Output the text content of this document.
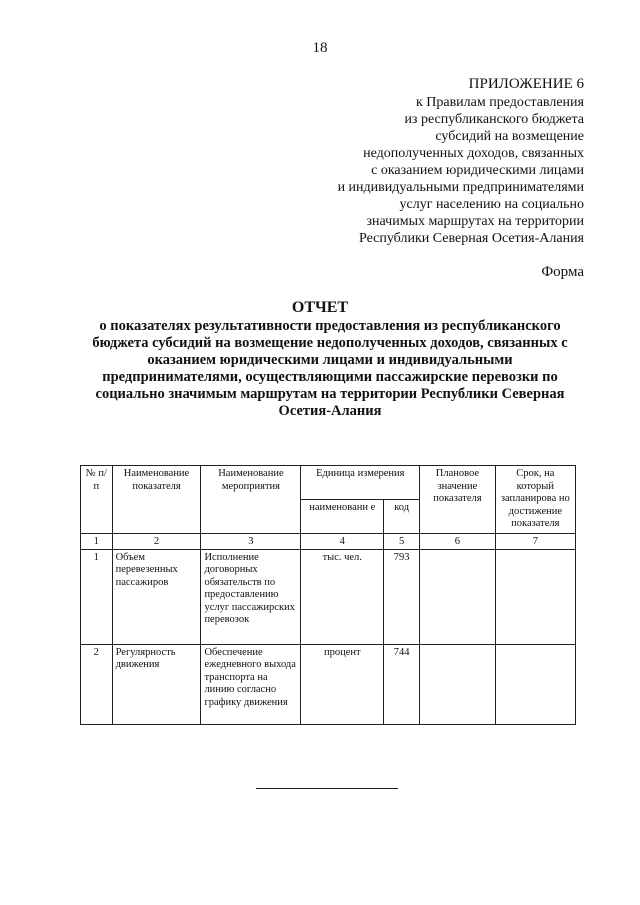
18
ПРИЛОЖЕНИЕ 6
к Правилам предоставления
из республиканского бюджета
субсидий на возмещение
недополученных доходов, связанных
с оказанием юридическими лицами
и индивидуальными предпринимателями
услуг населению на социально
значимых маршрутах на территории
Республики Северная Осетия-Алания
Форма
ОТЧЕТ
о показателях результативности предоставления из республиканского бюджета субсидий на возмещение недополученных доходов, связанных с оказанием юридическими лицами и индивидуальными предпринимателями, осуществляющими пассажирские перевозки по социально значимым маршрутам на территории Республики Северная Осетия-Алания
№ п/п	Наименование показателя	Наименование мероприятия	Единица измерения		Плановое значение показателя	Срок, на который запланирова но достижение показателя
			наименовани е	код		
1	2	3	4	5	6	7
1	Объем перевезенных пассажиров	Исполнение договорных обязательств по предоставлению услуг пассажирских перевозок	тыс. чел.	793		
2	Регулярность движения	Обеспечение ежедневного выхода транспорта на линию согласно графику движения	процент	744		
